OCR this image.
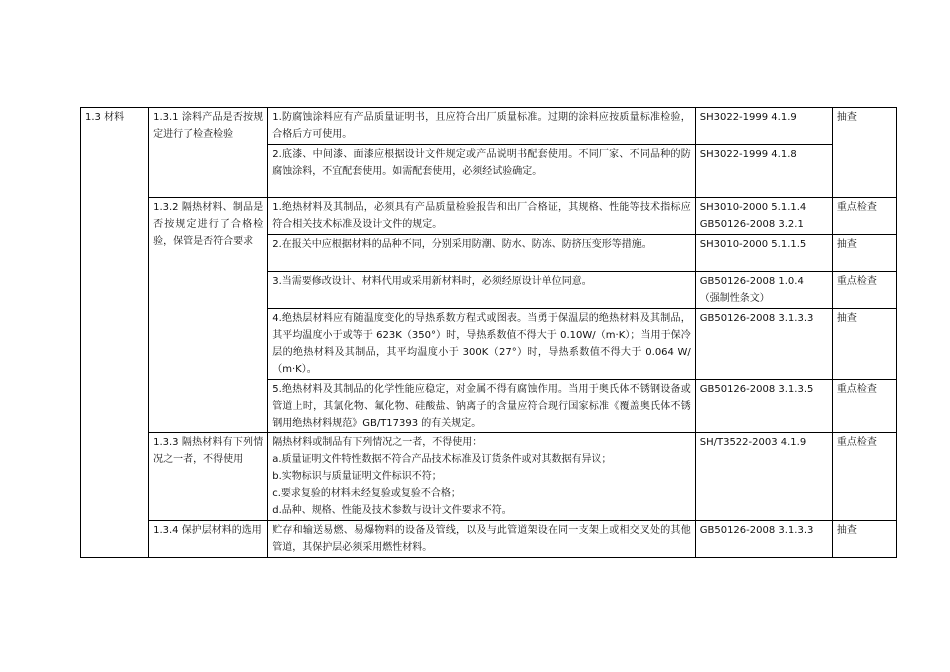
1.3 材料	1.3.1 涂料产品是否按规定进行了检查检验	1.防腐蚀涂料应有产品质量证明书，且应符合出厂质量标准。过期的涂料应按质量标准检验，合格后方可使用。	SH3022-1999 4.1.9	抽查
		2.底漆、中间漆、面漆应根据设计文件规定或产品说明书配套使用。不同厂家、不同品种的防腐蚀涂料，不宜配套使用。如需配套使用，必须经试验确定。	SH3022-1999 4.1.8	

	1.3.2 隔热材料、制品是否按规定进行了合格检验，保管是否符合要求	1.绝热材料及其制品，必须具有产品质量检验报告和出厂合格证，其规格、性能等技术指标应符合相关技术标准及设计文件的规定。	SH3010-2000 5.1.1.4
GB50126-2008 3.2.1	重点检查
		2.在报关中应根据材料的品种不同，分别采用防潮、防水、防冻、防挤压变形等措施。	SH3010-2000 5.1.1.5	抽查
		3.当需要修改设计、材料代用或采用新材料时，必须经原设计单位同意。	GB50126-2008 1.0.4
（强制性条文）	重点检查
		4.绝热层材料应有随温度变化的导热系数方程式或图表。当勇于保温层的绝热材料及其制品，其平均温度小于或等于 623K（350°）时，导热系数值不得大于 0.10W/（m·K）；当用于保冷层的绝热材料及其制品，其平均温度小于 300K（27°）时，导热系数值不得大于 0.064 W/（m·K）。	GB50126-2008 3.1.3.3	抽查
		5.绝热材料及其制品的化学性能应稳定，对金属不得有腐蚀作用。当用于奥氏体不锈钢设备或管道上时，其氯化物、氟化物、硅酸盐、钠离子的含量应符合现行国家标准《覆盖奥氏体不锈钢用绝热材料规范》GB/T17393 的有关规定。	GB50126-2008 3.1.3.5	重点检查
	1.3.3 隔热材料有下列情况之一者，不得使用	隔热材料或制品有下列情况之一者，不得使用：
a.质量证明文件特性数据不符合产品技术标准及订货条件或对其数据有异议；
b.实物标识与质量证明文件标识不符；
c.要求复验的材料未经复验或复验不合格；
d.品种、规格、性能及技术参数与设计文件要求不符。	SH/T3522-2003 4.1.9	重点检查
	1.3.4 保护层材料的选用	贮存和输送易燃、易爆物料的设备及管线，以及与此管道架设在同一支架上或相交叉处的其他管道，其保护层必须采用燃性材料。	GB50126-2008 3.1.3.3	抽查
